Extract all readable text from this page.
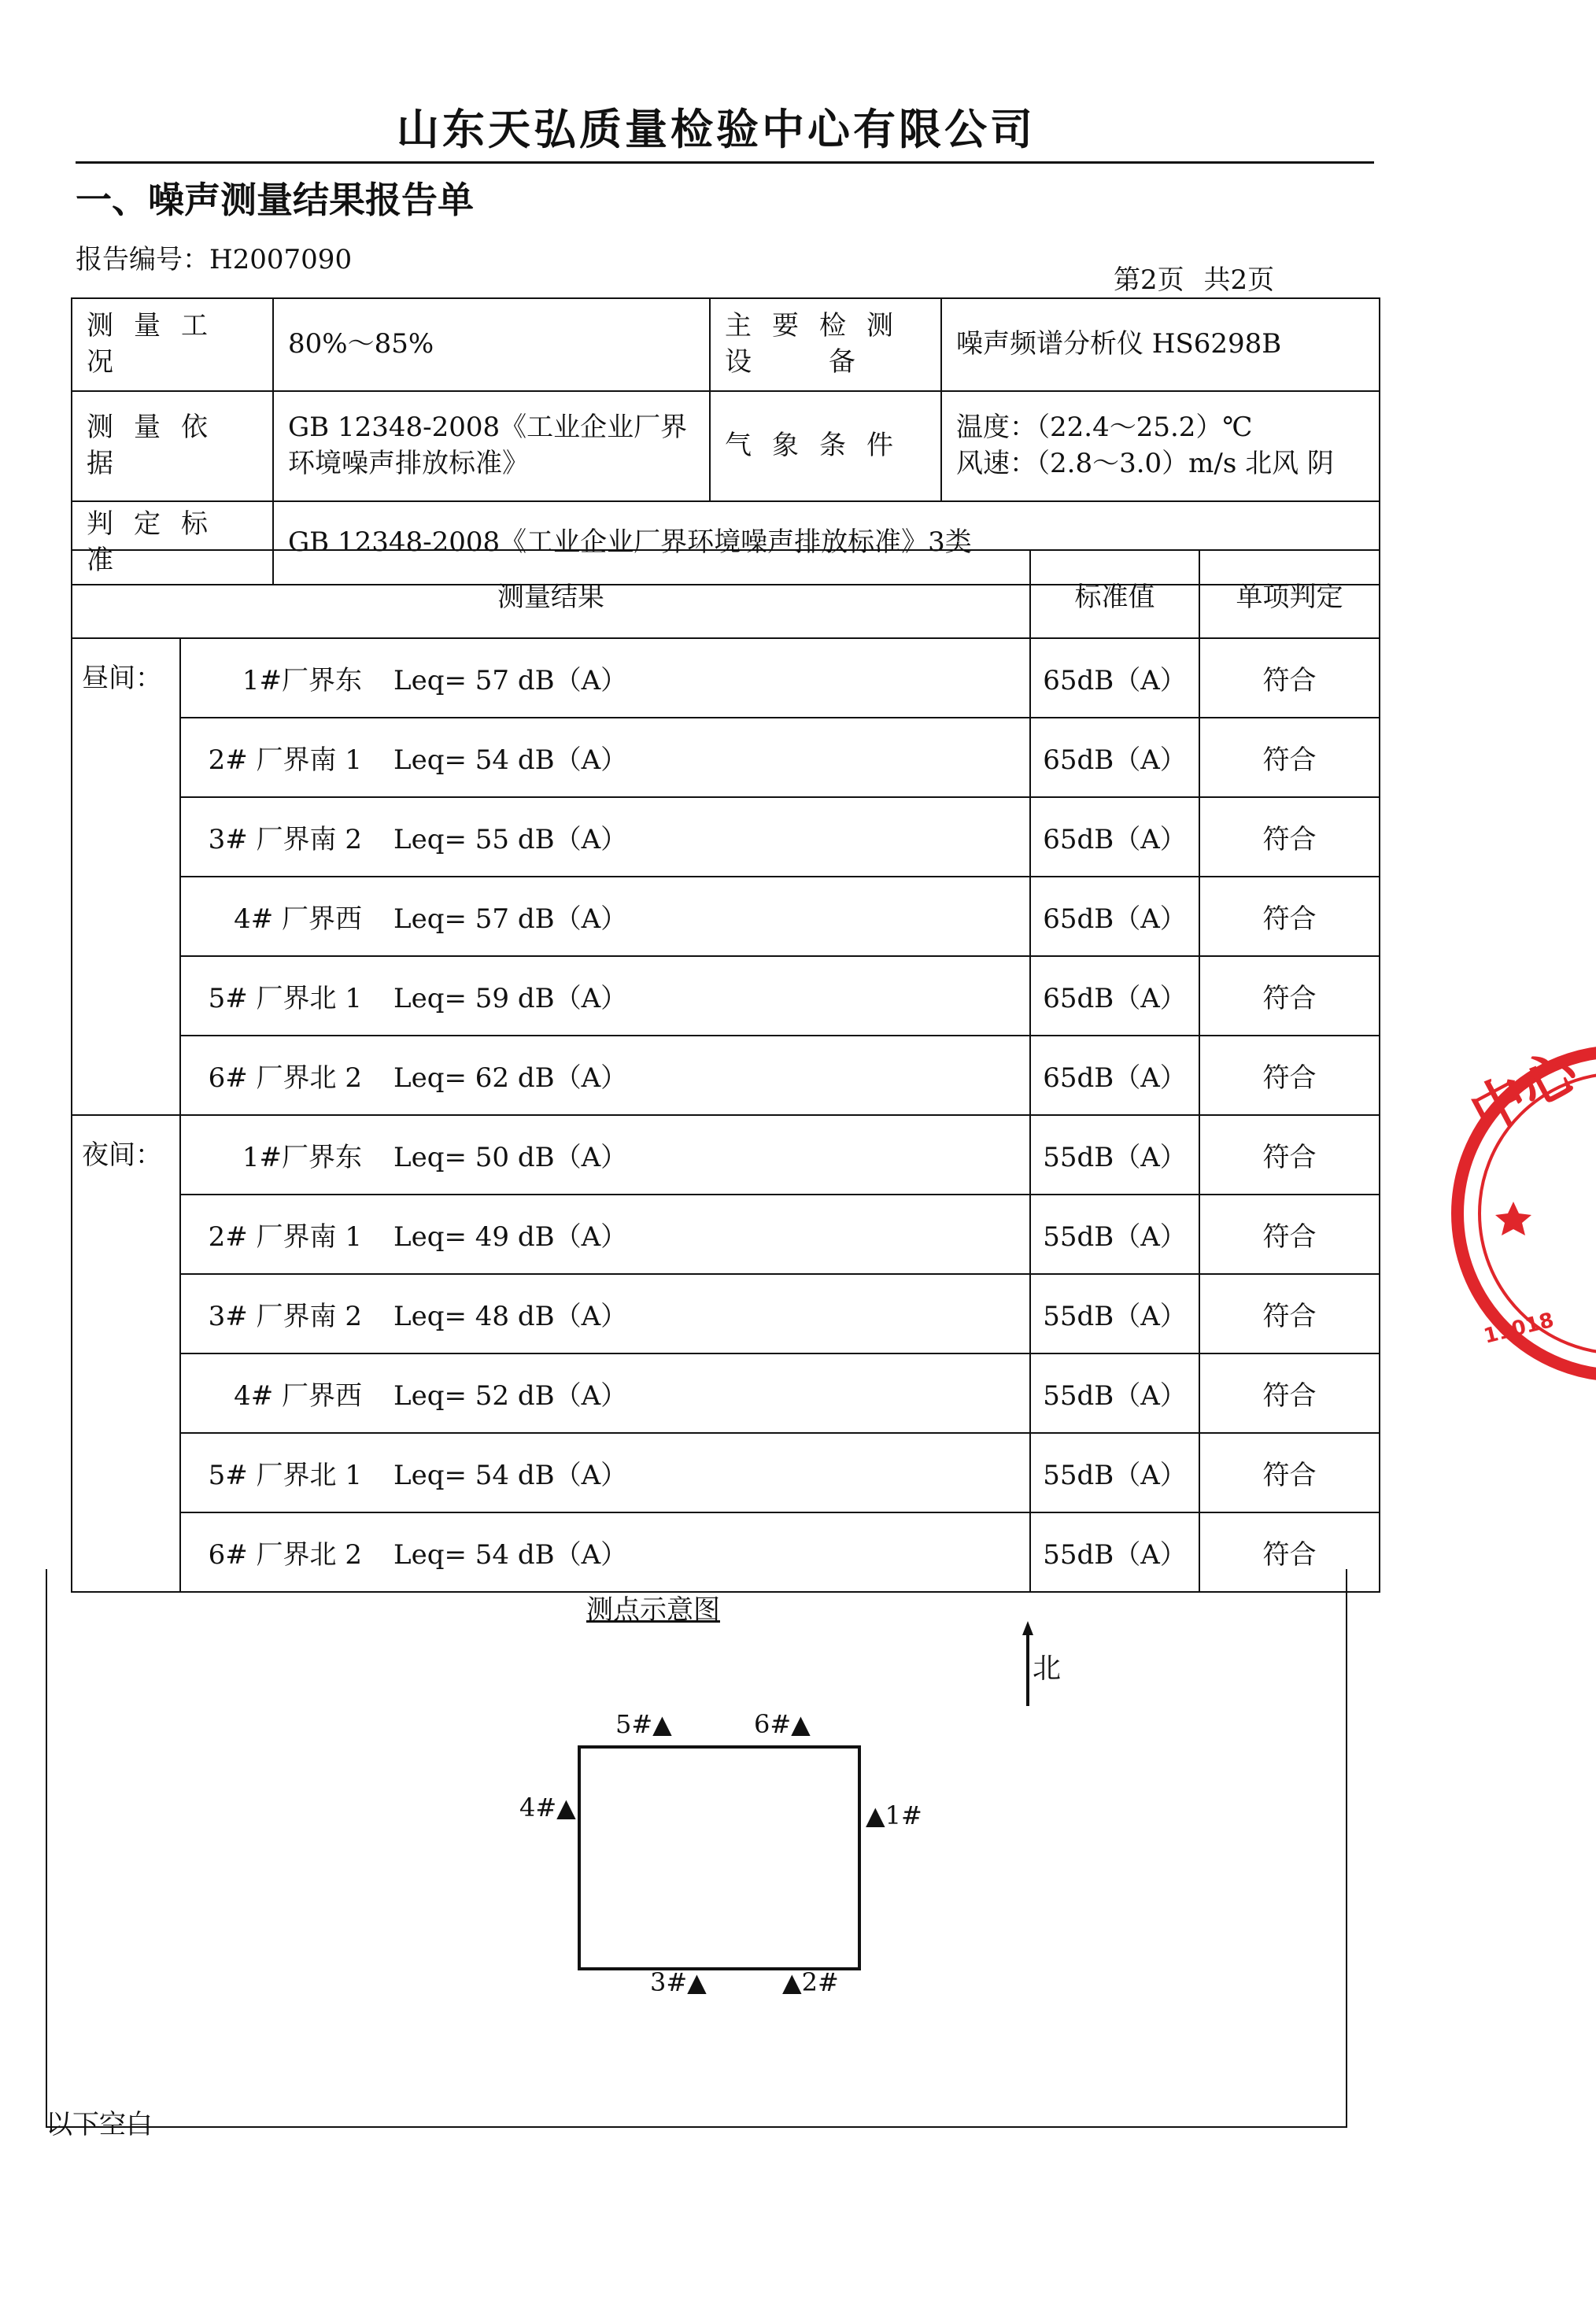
山东天弘质量检验中心有限公司
一、噪声测量结果报告单
报告编号：H2007090
第2页 共2页
测量工况	80%～85%	主要检测
设　　备	噪声频谱分析仪 HS6298B
测量依据	GB 12348-2008《工业企业厂界环境噪声排放标准》	气象条件	温度：（22.4～25.2）℃
风速：（2.8～3.0）m/s 北风 阴

判定标准	GB 12348-2008《工业企业厂界环境噪声排放标准》3类		
测量结果		标准值	单项判定
昼间：	1#厂界东 Leq= 57 dB（A）	65dB（A）	符合
	2# 厂界南 1 Leq= 54 dB（A）	65dB（A）	符合
	3# 厂界南 2 Leq= 55 dB（A）	65dB（A）	符合
	4# 厂界西 Leq= 57 dB（A）	65dB（A）	符合
	5# 厂界北 1 Leq= 59 dB（A）	65dB（A）	符合
	6# 厂界北 2 Leq= 62 dB（A）	65dB（A）	符合
夜间：	1#厂界东 Leq= 50 dB（A）	55dB（A）	符合
	2# 厂界南 1 Leq= 49 dB（A）	55dB（A）	符合
	3# 厂界南 2 Leq= 48 dB（A）	55dB（A）	符合
	4# 厂界西 Leq= 52 dB（A）	55dB（A）	符合
	5# 厂界北 1 Leq= 54 dB（A）	55dB（A）	符合
	6# 厂界北 2 Leq= 54 dB（A）	55dB（A）	符合
测点示意图
北
5#▲	6#▲
4#▲	▲1#
3#▲	▲2#
以下空白
中心
11018
